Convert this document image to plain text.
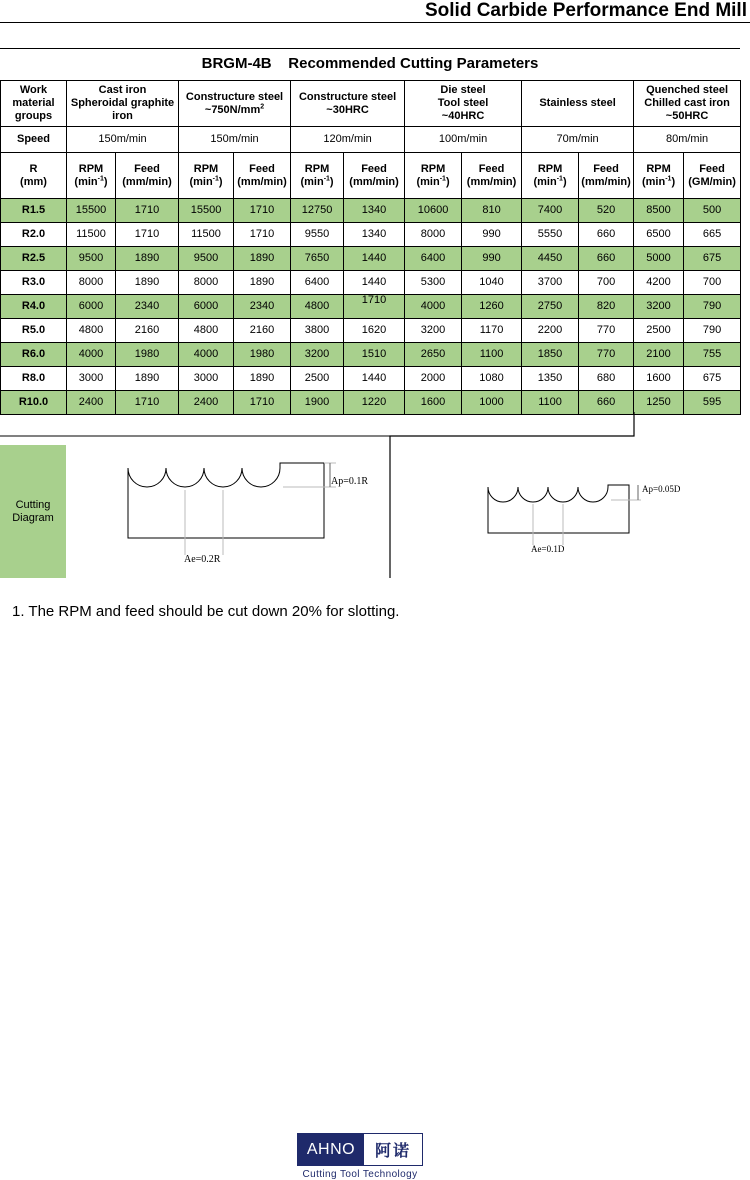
Solid Carbide Performance End Mill
BRGM-4B    Recommended Cutting Parameters
Work
material
groups	Cast iron
Spheroidal graphite
iron		Constructure steel
$\sim 750N/mm^2$		Constructure steel
~30HRC		Die steel
Tool steel
~40HRC		Stainless steel		Quenched steel
Chilled cast iron
~50HRC	
Speed	150m/min		150m/min		120m/min		100m/min		70m/min		80m/min	
R
(mm)	RPM
$(\min^{-1})$	Feed
(mm/min)	RPM
$(\min^{-1})$	Feed
(mm/min)	RPM
$(\min^{-1})$	Feed
(mm/min)	RPM
$(\min^{-1})$	Feed
(mm/min)	RPM
$(\min^{-1})$	Feed
(mm/min)	RPM
$(\min^{-1})$	Feed
(GM/min)
R1.5	15500	1710	15500	1710	12750	1340	10600	810	7400	520	8500	500
R2.0	11500	1710	11500	1710	9550	1340	8000	990	5550	660	6500	665
R2.5	9500	1890	9500	1890	7650	1440	6400	990	4450	660	5000	675
R3.0	8000	1890	8000	1890	6400	1440	5300	1040	3700	700	4200	700
R4.0	6000	2340	6000	2340	4800	1710	4000	1260	2750	820	3200	790
R5.0	4800	2160	4800	2160	3800	1620	3200	1170	2200	770	2500	790
R6.0	4000	1980	4000	1980	3200	1510	2650	1100	1850	770	2100	755
R8.0	3000	1890	3000	1890	2500	1440	2000	1080	1350	680	1600	675
R10.0	2400	1710	2400	1710	1900	1220	1600	1000	1100	660	1250	595
Ap=0.1R
Ae=0.2R
Ap=0.05D
Ae=0.1D
Cutting
Diagram
1. The RPM and feed should be cut down 20% for slotting.
AHNO	阿诺
Cutting Tool Technology
